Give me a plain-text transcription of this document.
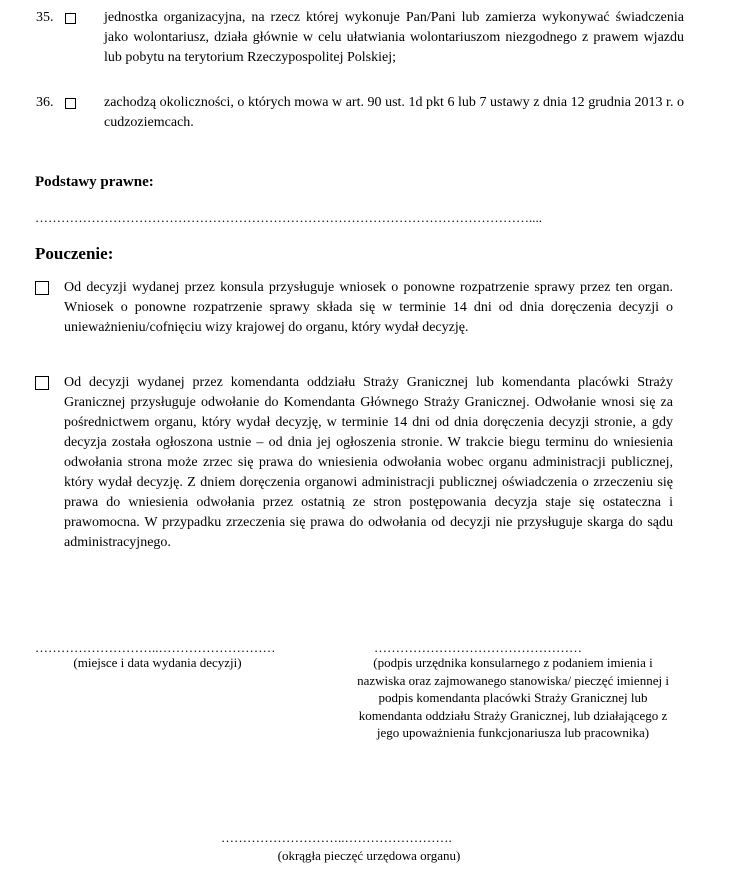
35.	jednostka organizacyjna, na rzecz której wykonuje Pan/Pani lub zamierza wykonywać świadczenia jako wolontariusz, działa głównie w celu ułatwiania wolontariuszom niezgodnego z prawem wjazdu lub pobytu na terytorium Rzeczypospolitej Polskiej;
36.	zachodzą okoliczności, o których mowa w art. 90 ust. 1d pkt 6 lub 7 ustawy z dnia 12 grudnia 2013 r. o cudzoziemcach.
Podstawy prawne:
……………………………………………………………………………………………………....
Pouczenie:
Od decyzji wydanej przez konsula przysługuje wniosek o ponowne rozpatrzenie sprawy przez ten organ. Wniosek o ponowne rozpatrzenie sprawy składa się w terminie 14 dni od dnia doręczenia decyzji o unieważnieniu/cofnięciu wizy krajowej do organu, który wydał decyzję.
Od decyzji wydanej przez komendanta oddziału Straży Granicznej lub komendanta placówki Straży Granicznej przysługuje odwołanie do Komendanta Głównego Straży Granicznej. Odwołanie wnosi się za pośrednictwem organu, który wydał decyzję, w terminie 14 dni od dnia doręczenia decyzji stronie, a gdy decyzja została ogłoszona ustnie – od dnia jej ogłoszenia stronie. W trakcie biegu terminu do wniesienia odwołania strona może zrzec się prawa do wniesienia odwołania wobec organu administracji publicznej, który wydał decyzję. Z dniem doręczenia organowi administracji publicznej oświadczenia o zrzeczeniu się prawa do wniesienia odwołania przez ostatnią ze stron postępowania decyzja staje się ostateczna i prawomocna. W przypadku zrzeczenia się prawa do odwołania od decyzji nie przysługuje skarga do sądu administracyjnego.
………………………..………………………
(miejsce i data wydania decyzji)
…………………………………………
(podpis urzędnika konsularnego z podaniem imienia i nazwiska oraz zajmowanego stanowiska/ pieczęć imiennej i podpis komendanta placówki Straży Granicznej lub komendanta oddziału Straży Granicznej, lub działającego z jego upoważnienia funkcjonariusza lub pracownika)
………………………..…………………….
(okrągła pieczęć urzędowa organu)
